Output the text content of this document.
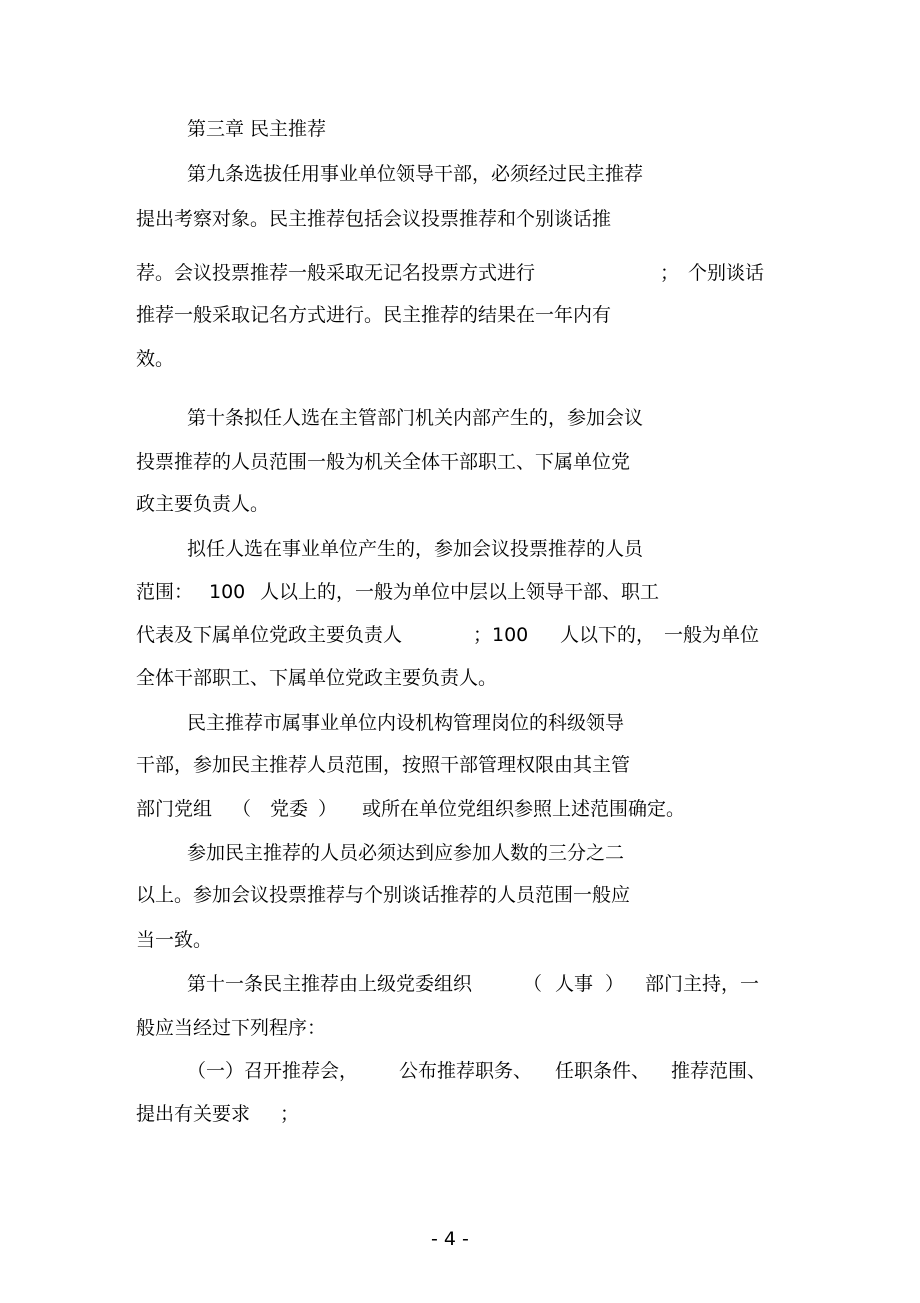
第三章 民主推荐
第九条选拔任用事业单位领导干部，必须经过民主推荐
提出考察对象。民主推荐包括会议投票推荐和个别谈话推
荐。会议投票推荐一般采取无记名投票方式进行	； 个别谈话
推荐一般采取记名方式进行。民主推荐的结果在一年内有
效。
第十条拟任人选在主管部门机关内部产生的，参加会议
投票推荐的人员范围一般为机关全体干部职工、下属单位党
政主要负责人。
拟任人选在事业单位产生的，参加会议投票推荐的人员
范围： 100 人以上的，一般为单位中层以上领导干部、职工
代表及下属单位党政主要负责人	；100 人以下的， 一般为单位
全体干部职工、下属单位党政主要负责人。
民主推荐市属事业单位内设机构管理岗位的科级领导
干部，参加民主推荐人员范围，按照干部管理权限由其主管
部门党组 （ 党委 ） 或所在单位党组织参照上述范围确定。
参加民主推荐的人员必须达到应参加人数的三分之二
以上。参加会议投票推荐与个别谈话推荐的人员范围一般应
当一致。
第十一条民主推荐由上级党委组织	（ 人事 ） 部门主持，一
般应当经过下列程序：
（一）召开推荐会， 公布推荐职务、 任职条件、 推荐范围、
提出有关要求 ；
- 4 -
